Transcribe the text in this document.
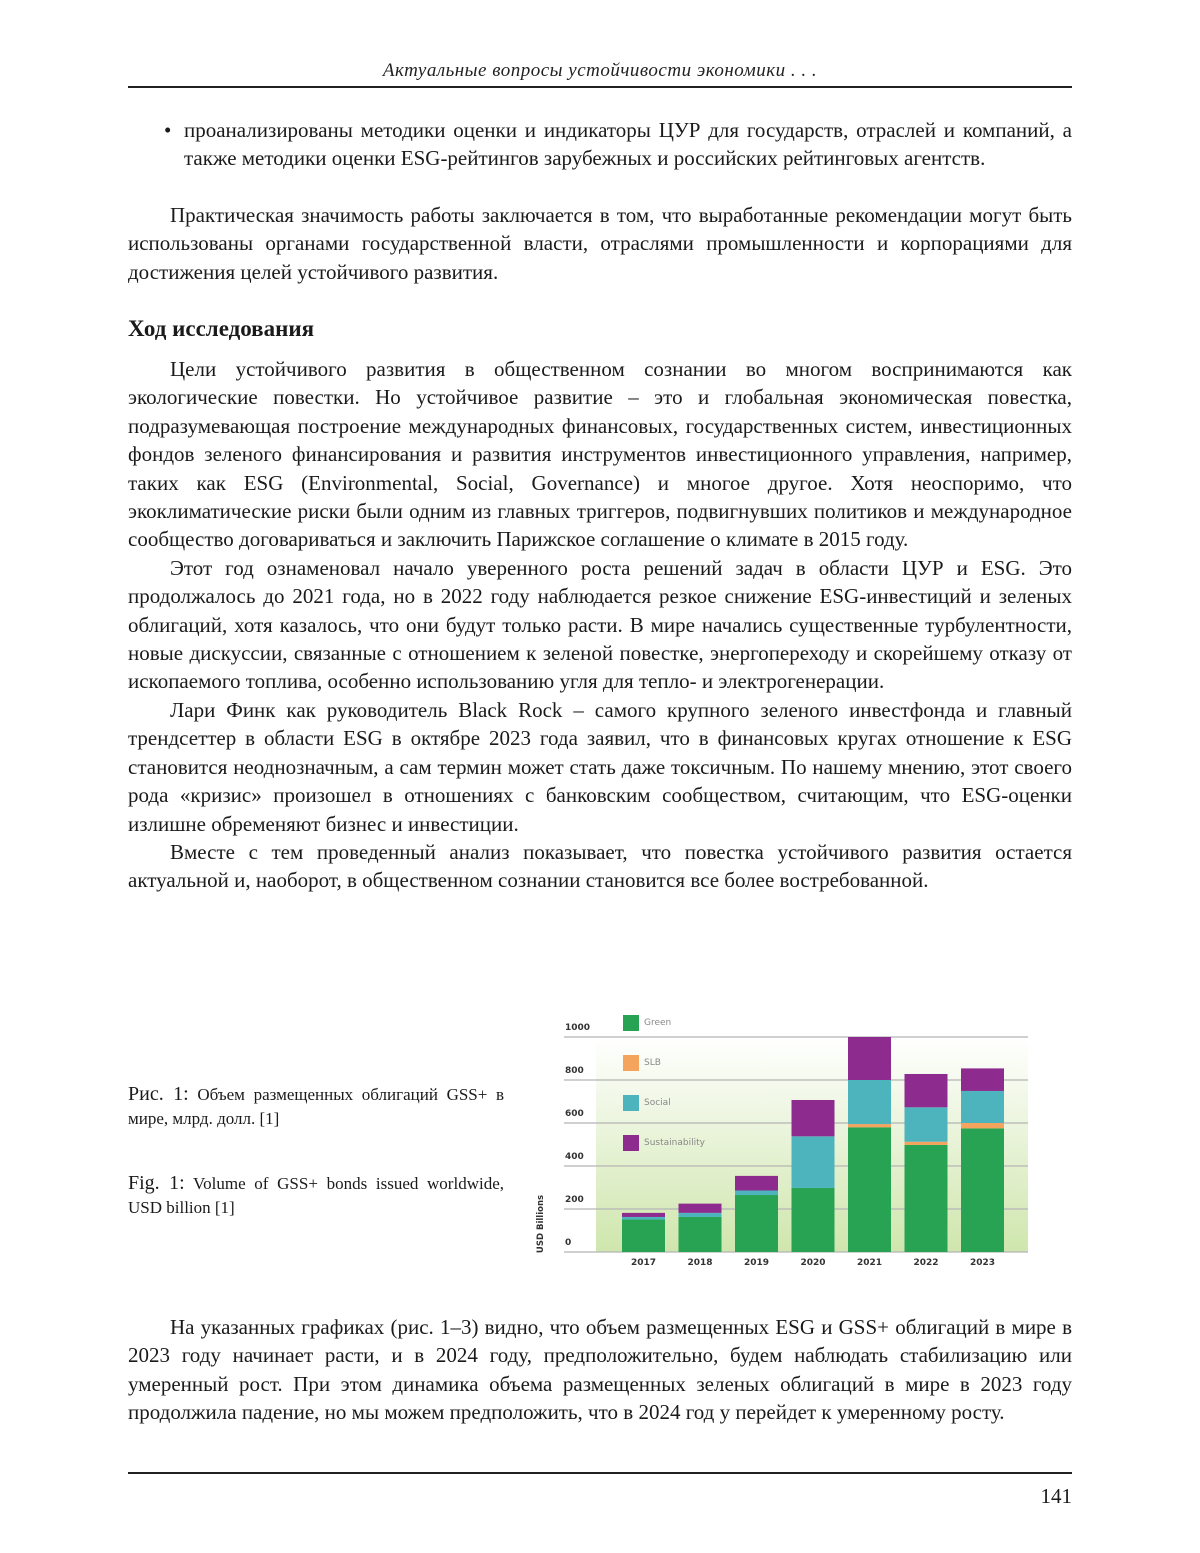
Актуальные вопросы устойчивости экономики . . .
• проанализированы методики оценки и индикаторы ЦУР для государств, отраслей и компаний, а также методики оценки ESG-рейтингов зарубежных и российских рейтинговых агентств.

Практическая значимость работы заключается в том, что выработанные рекомендации могут быть использованы органами государственной власти, отраслями промышленности и корпорациями для достижения целей устойчивого развития.

Ход исследования

Цели устойчивого развития в общественном сознании во многом воспринимаются как экологические повестки. Но устойчивое развитие – это и глобальная экономическая повестка, подразумевающая построение международных финансовых, государственных систем, инвестиционных фондов зеленого финансирования и развития инструментов инвестиционного управления, например, таких как ESG (Environmental, Social, Governance) и многое другое. Хотя неоспоримо, что экоклиматические риски были одним из главных триггеров, подвигнувших политиков и международное сообщество договариваться и заключить Парижское соглашение о климате в 2015 году.

Этот год ознаменовал начало уверенного роста решений задач в области ЦУР и ESG. Это продолжалось до 2021 года, но в 2022 году наблюдается резкое снижение ESG-инвестиций и зеленых облигаций, хотя казалось, что они будут только расти. В мире начались существенные турбулентности, новые дискуссии, связанные с отношением к зеленой повестке, энергопереходу и скорейшему отказу от ископаемого топлива, особенно использованию угля для тепло- и электрогенерации.

Лари Финк как руководитель Black Rock – самого крупного зеленого инвестфонда и главный трендсеттер в области ESG в октябре 2023 года заявил, что в финансовых кругах отношение к ESG становится неоднозначным, а сам термин может стать даже токсичным. По нашему мнению, этот своего рода «кризис» произошел в отношениях с банковским сообществом, считающим, что ESG-оценки излишне обременяют бизнес и инвестиции.

Вместе с тем проведенный анализ показывает, что повестка устойчивого развития остается актуальной и, наоборот, в общественном сознании становится все более востребованной.

Рис. 1: Объем размещенных облигаций GSS+ в мире, млрд. долл. [1]
Fig. 1: Volume of GSS+ bonds issued worldwide, USD billion [1]

На указанных графиках (рис. 1–3) видно, что объем размещенных ESG и GSS+ облигаций в мире в 2023 году начинает расти, и в 2024 году, предположительно, будем наблюдать стабилизацию или умеренный рост. При этом динамика объема размещенных зеленых облигаций в мире в 2023 году продолжила падение, но мы можем предположить, что в 2024 год у перейдет к умеренному росту.

141
0
200
400
600
800
1000
2017	2018	2019	2020	2021	2022	2023
Green
SLB
Social
Sustainability
USD Billions
